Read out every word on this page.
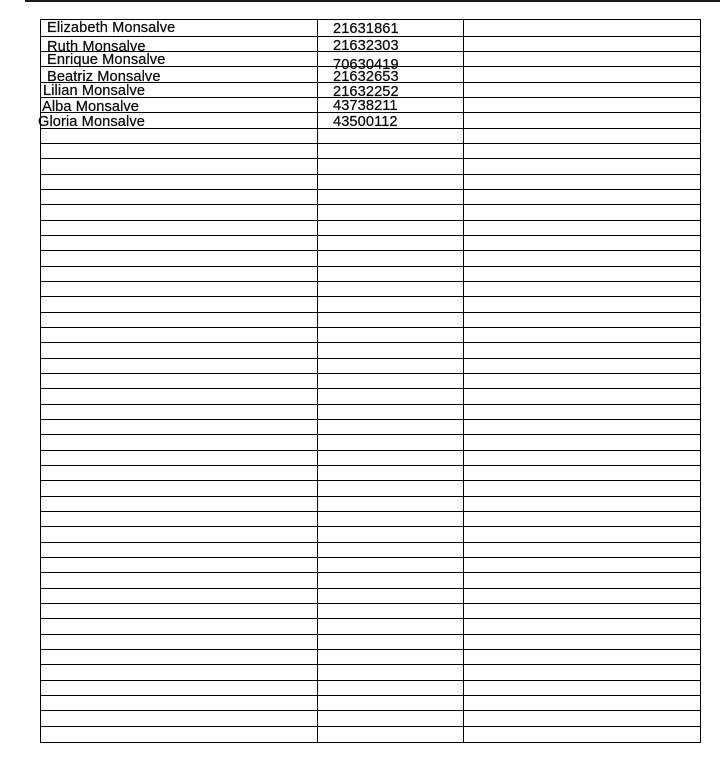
Elizabeth Monsalve	21631861
Ruth Monsalve	21632303
Enrique Monsalve	70630419
Beatriz Monsalve	21632653
Lilian Monsalve	21632252
Alba Monsalve	43738211
Gloria Monsalve	43500112
